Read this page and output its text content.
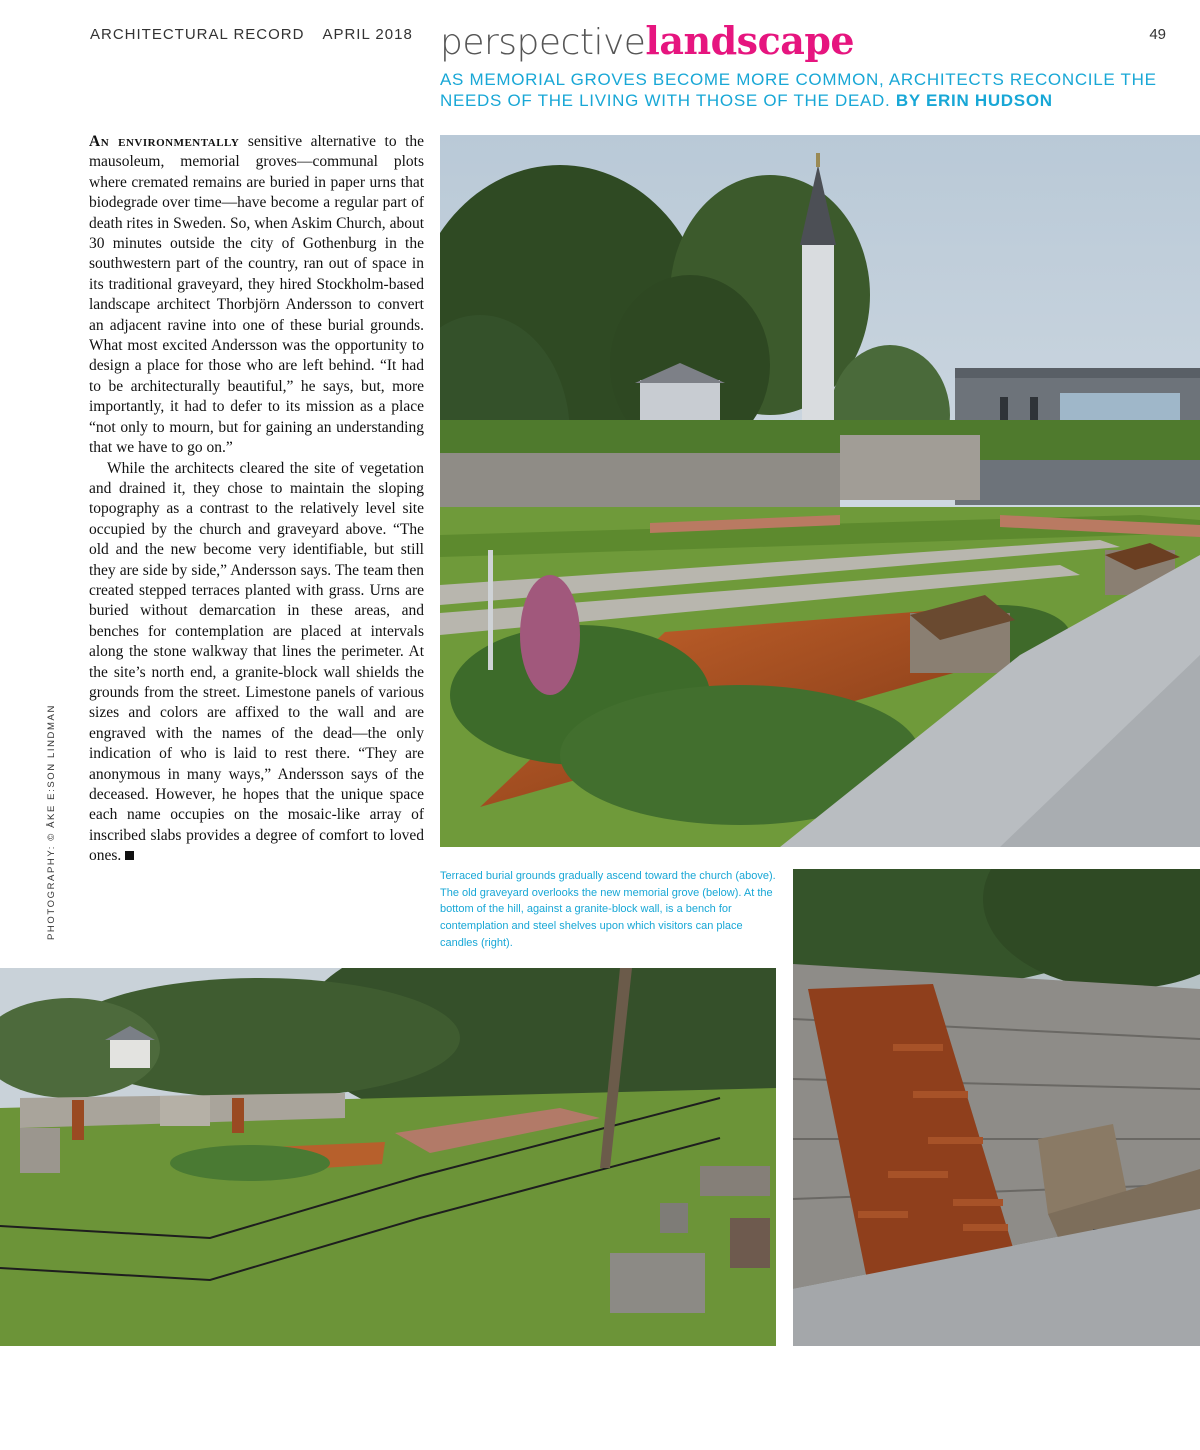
ARCHITECTURAL RECORD APRIL 2018	49
perspectivelandscape
AS MEMORIAL GROVES BECOME MORE COMMON, ARCHITECTS RECONCILE THE NEEDS OF THE LIVING WITH THOSE OF THE DEAD. BY ERIN HUDSON

An environmentally sensitive alternative to the mausoleum, memorial groves—communal plots where cremated remains are buried in paper urns that biodegrade over time—have become a regular part of death rites in Sweden. So, when Askim Church, about 30 minutes outside the city of Gothenburg in the southwestern part of the country, ran out of space in its traditional graveyard, they hired Stockholm-based landscape architect Thorbjörn Andersson to convert an adjacent ravine into one of these burial grounds. What most excited Andersson was the opportunity to design a place for those who are left behind. “It had to be architecturally beautiful,” he says, but, more importantly, it had to defer to its mission as a place “not only to mourn, but for gaining an understanding that we have to go on.”

While the architects cleared the site of vegetation and drained it, they chose to maintain the sloping topography as a contrast to the relatively level site occupied by the church and graveyard above. “The old and the new become very identifiable, but still they are side by side,” Andersson says. The team then created stepped terraces planted with grass. Urns are buried without demarcation in these areas, and benches for contemplation are placed at intervals along the stone walkway that lines the perimeter. At the site’s north end, a granite-block wall shields the grounds from the street. Limestone panels of various sizes and colors are affixed to the wall and are engraved with the names of the dead—the only indication of who is laid to rest there. “They are anonymous in many ways,” Andersson says of the deceased. However, he hopes that the unique space each name occupies on the mosaic-like array of inscribed slabs provides a degree of comfort to loved ones.

PHOTOGRAPHY: © ÅKE E:SON LINDMAN	Terraced burial grounds gradually ascend toward the church (above). The old graveyard overlooks the new memorial grove (below). At the bottom of the hill, against a granite-block wall, is a bench for contemplation and steel shelves upon which visitors can place candles (right).
